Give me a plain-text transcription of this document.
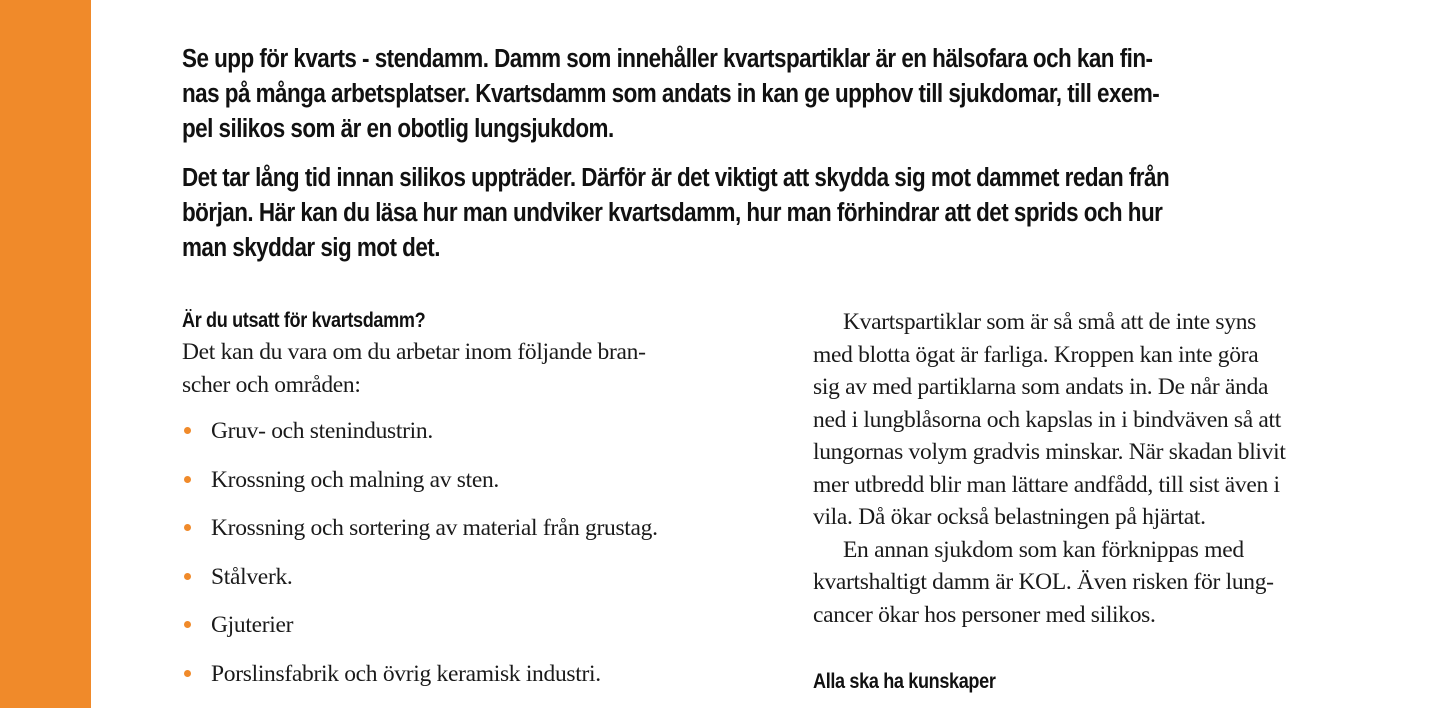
Se upp för kvarts - stendamm. Damm som innehåller kvartspartiklar är en hälsofara och kan fin-
nas på många arbetsplatser. Kvartsdamm som andats in kan ge upphov till sjukdomar, till exem-
pel silikos som är en obotlig lungsjukdom.

Det tar lång tid innan silikos uppträder. Därför är det viktigt att skydda sig mot dammet redan från
början. Här kan du läsa hur man undviker kvartsdamm, hur man förhindrar att det sprids och hur
man skyddar sig mot det.

Är du utsatt för kvartsdamm?
Det kan du vara om du arbetar inom följande bran-
scher och områden:
Gruv- och stenindustrin.
Krossning och malning av sten.
Krossning och sortering av material från grustag.
Stålverk.
Gjuterier
Porslinsfabrik och övrig keramisk industri.
Kvartspartiklar som är så små att de inte syns
med blotta ögat är farliga. Kroppen kan inte göra
sig av med partiklarna som andats in. De når ända
ned i lungblåsorna och kapslas in i bindväven så att
lungornas volym gradvis minskar. När skadan blivit
mer utbredd blir man lättare andfådd, till sist även i
vila. Då ökar också belastningen på hjärtat.
En annan sjukdom som kan förknippas med
kvartshaltigt damm är KOL. Även risken för lung-
cancer ökar hos personer med silikos.
Alla ska ha kunskaper
